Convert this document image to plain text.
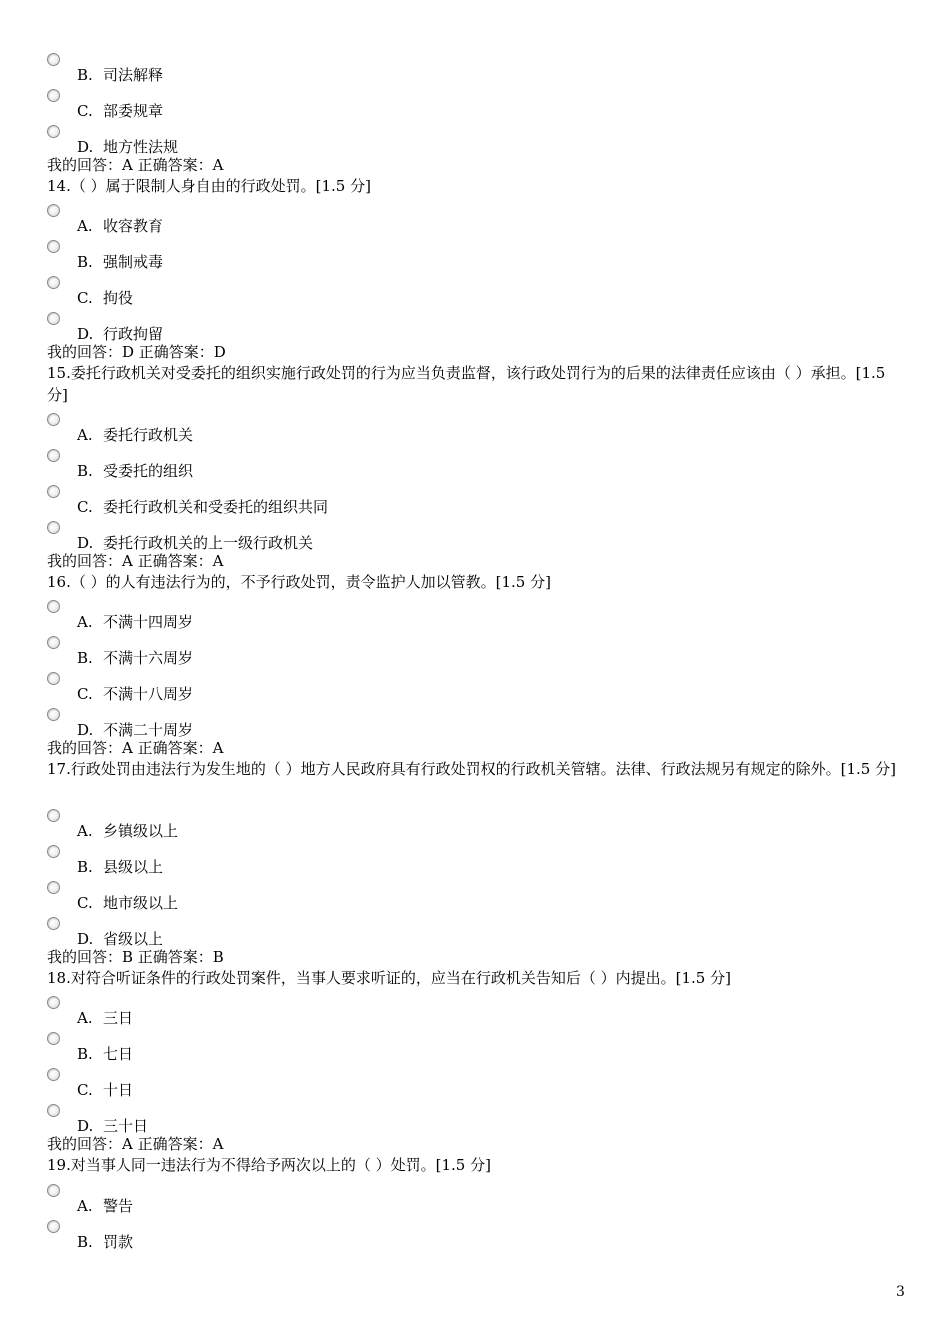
B. 司法解释
C. 部委规章
D. 地方性法规
我的回答：A 正确答案：A
14.（ ）属于限制人身自由的行政处罚。[1.5 分]
A. 收容教育
B. 强制戒毒
C. 拘役
D. 行政拘留
我的回答：D 正确答案：D
15.委托行政机关对受委托的组织实施行政处罚的行为应当负责监督，该行政处罚行为的后果的法律责任应该由（ ）承担。[1.5 分]
A. 委托行政机关
B. 受委托的组织
C. 委托行政机关和受委托的组织共同
D. 委托行政机关的上一级行政机关
我的回答：A 正确答案：A
16.（ ）的人有违法行为的，不予行政处罚，责令监护人加以管教。[1.5 分]
A. 不满十四周岁
B. 不满十六周岁
C. 不满十八周岁
D. 不满二十周岁
我的回答：A 正确答案：A
17.行政处罚由违法行为发生地的（ ）地方人民政府具有行政处罚权的行政机关管辖。法律、行政法规另有规定的除外。[1.5 分]
A. 乡镇级以上
B. 县级以上
C. 地市级以上
D. 省级以上
我的回答：B 正确答案：B
18.对符合听证条件的行政处罚案件，当事人要求听证的，应当在行政机关告知后（ ）内提出。[1.5 分]
A. 三日
B. 七日
C. 十日
D. 三十日
我的回答：A 正确答案：A
19.对当事人同一违法行为不得给予两次以上的（ ）处罚。[1.5 分]
A. 警告
B. 罚款
3
